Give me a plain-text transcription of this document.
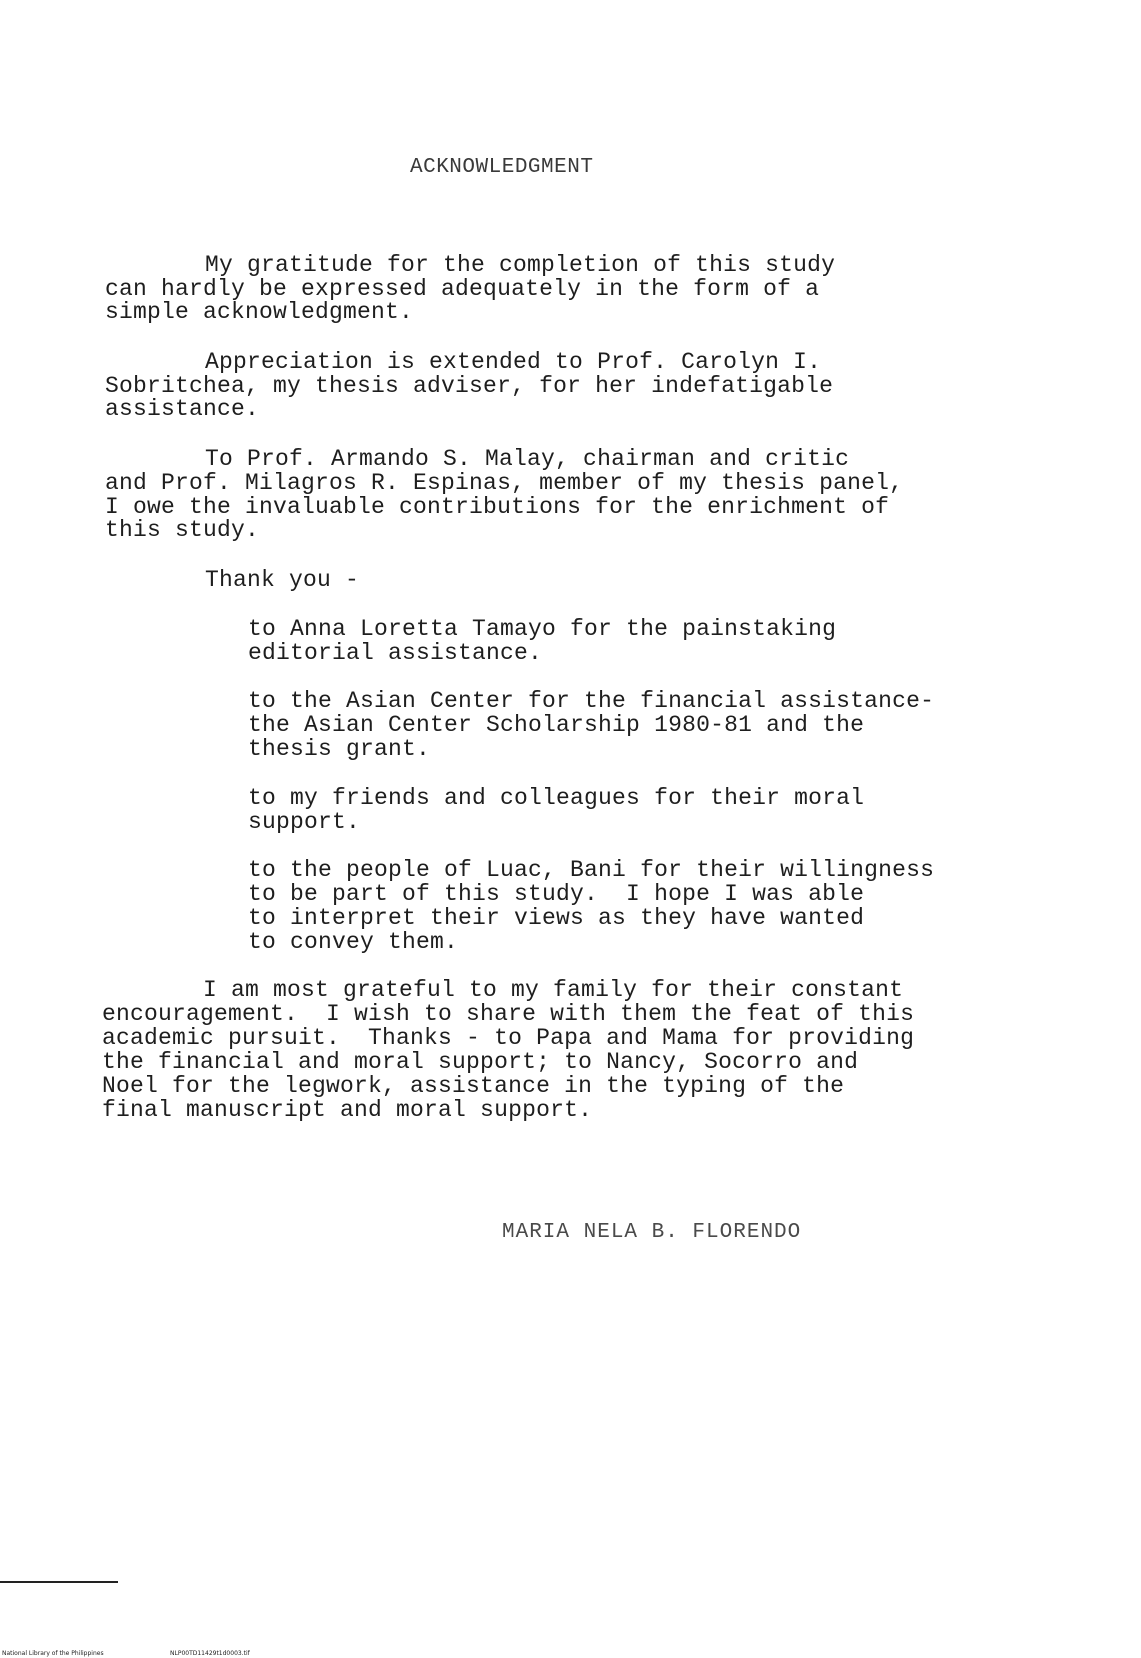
ACKNOWLEDGMENT

My gratitude for the completion of this study

can hardly be expressed adequately in the form of a

simple acknowledgment.

Appreciation is extended to Prof. Carolyn I.

Sobritchea, my thesis adviser, for her indefatigable

assistance.

To Prof. Armando S. Malay, chairman and critic

and Prof. Milagros R. Espinas, member of my thesis panel,

I owe the invaluable contributions for the enrichment of

this study.

Thank you -

to Anna Loretta Tamayo for the painstaking

editorial assistance.

to the Asian Center for the financial assistance-

the Asian Center Scholarship 1980-81 and the

thesis grant.

to my friends and colleagues for their moral

support.

to the people of Luac, Bani for their willingness

to be part of this study.  I hope I was able

to interpret their views as they have wanted

to convey them.

I am most grateful to my family for their constant

encouragement.  I wish to share with them the feat of this

academic pursuit.  Thanks - to Papa and Mama for providing

the financial and moral support; to Nancy, Socorro and

Noel for the legwork, assistance in the typing of the

final manuscript and moral support.

MARIA NELA B. FLORENDO

National Library of the Philippines	NLP00TD11429t1d0003.tif
